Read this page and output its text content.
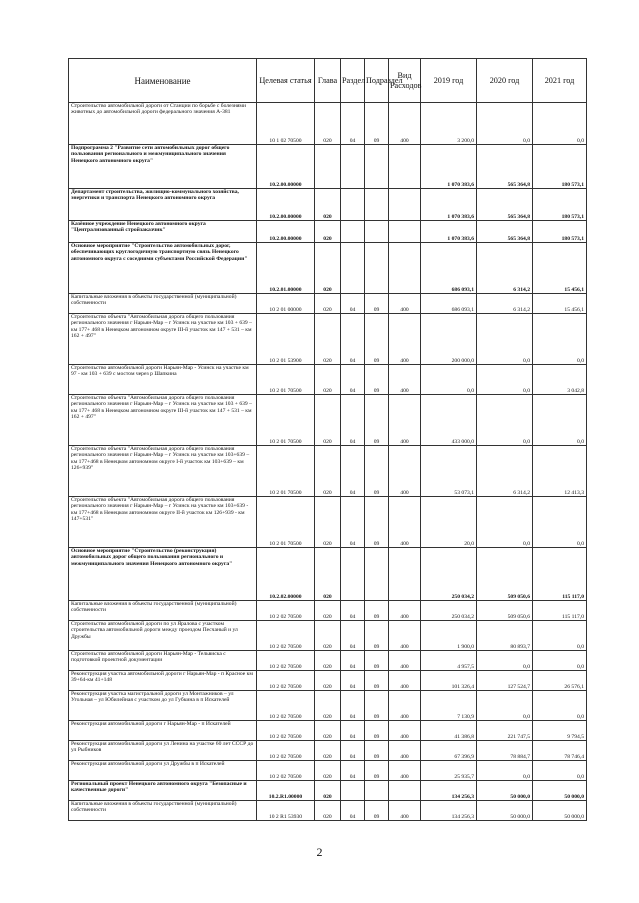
Наименование	Целевая статья	Глава	Раздел	Подраздел	Вид Расходов	2019 год	2020 год	2021 год
Строительство автомобильной дороги от Станции по борьбе с болезнями животных до автомобильной дороги федерального значения А-381	10 1 02 70500	020	04	09	400	3 200,0	0,0	0,0
Подпрограмма 2 "Развитие сети автомобильных дорог общего пользования регионального и межмуниципального значения Ненецкого автономного округа"	10.2.00.00000					1 070 383,6	565 364,8	180 573,1
Департамент строительства, жилищно-коммунального хозяйства, энергетики и транспорта Ненецкого автономного округа	10.2.00.00000	020				1 070 383,6	565 364,8	180 573,1
Казённое учреждение Ненецкого автономного округа "Централизованный стройзаказчик"	10.2.00.00000	020				1 070 383,6	565 364,8	180 573,1
Основное мероприятие "Строительство автомобильных дорог, обеспечивающих круглогодичную транспортную связь Ненецкого автономного округа с соседними субъектами Российской Федерации"	10.2.01.00000	020				686 093,1	6 314,2	15 456,1
Капитальные вложения в объекты государственной (муниципальной) собственности	10 2 01 00000	020	04	09	400	686 093,1	6 314,2	15 456,1
Строительство объекта "Автомобильная дорога общего пользования регионального значения г Нарьян-Мар – г Усинск на участке км 103 + 639 – км 177+ 468 в Ненецком автономном округе III-й участок км 147 + 531 – км 162 + 497"	10 2 01 53900	020	04	09	400	200 000,0	0,0	0,0
Строительство автомобильной дороги Нарьян-Мар - Усинск на участке км 97 - км 103 + 639 с мостом через р Шапкина	10 2 01 70500	020	04	09	400	0,0	0,0	3 042,8
Строительство объекта "Автомобильная дорога общего пользования регионального значения г Нарьян-Мар – г Усинск на участке км 103 + 639 – км 177+ 468 в Ненецком автономном округе III-й участок км 147 + 531 – км 162 + 497"	10 2 01 70500	020	04	09	400	433 000,0	0,0	0,0
Строительство объекта "Автомобильная дорога общего пользования регионального значения г Нарьян-Мар – г Усинск на участке км 103+639 – км 177+468 в Ненецком автономном округе I-й участок км 103+639 – км 126+939"	10 2 01 70500	020	04	09	400	53 073,1	6 314,2	12 413,3
Строительство объекта "Автомобильная дорога общего пользования регионального значения г Нарьян-Мар – г Усинск на участке км 103+639 - км 177+468 в Ненецком автономном округе II-й участок км 126+939 - км 147+531"	10 2 01 70500	020	04	09	400	20,0	0,0	0,0
Основное мероприятие "Строительство (реконструкция) автомобильных дорог общего пользования регионального и межмуниципального значения Ненецкого автономного округа"	10.2.02.00000	020				250 034,2	509 050,6	115 117,0
Капитальные вложения в объекты государственной (муниципальной) собственности	10 2 02 70500	020	04	09	400	250 034,2	509 050,6	115 117,0
Строительство автомобильной дороги по ул Яралова с участком строительства автомобильной дороги между проездом Песчаный и ул Дружбы	10 2 02 70500	020	04	09	400	1 900,0	80 893,7	0,0
Строительство автомобильной дороги Нарьян-Мар - Тельвиска с подготовкой проектной документации	10 2 02 70500	020	04	09	400	4 957,5	0,0	0,0
Реконструкция участка автомобильной дороги г Нарьян-Мар - п Красное км 39+64-км 41+148	10 2 02 70500	020	04	09	400	101 326,4	127 524,7	26 576,1
Реконструкция участка магистральной дороги ул Монтажников – ул Угольная – ул Юбилейная с участком до ул Губкина в п Искателей	10 2 02 70500	020	04	09	400	7 130,9	0,0	0,0
Реконструкция автомобильной дороги г Нарьян-Мар - п Искателей	10 2 02 70500	020	04	09	400	41 386,8	221 747,5	9 794,5
Реконструкция автомобильной дороги ул Ленина на участке 60 лет СССР до ул Рыбников	10 2 02 70500	020	04	09	400	67 396,9	78 884,7	78 746,4
Реконструкция автомобильной дороги ул Дружбы в п Искателей	10 2 02 70500	020	04	09	400	25 935,7	0,0	0,0
Региональный проект Ненецкого автономного округа "Безопасные и качественные дороги"	10.2.R1.00000	020				134 256,3	50 000,0	50 000,0
Капитальные вложения в объекты государственной (муниципальной) собственности	10 2 R1 53930	020	04	09	400	134 256,3	50 000,0	50 000,0
2
